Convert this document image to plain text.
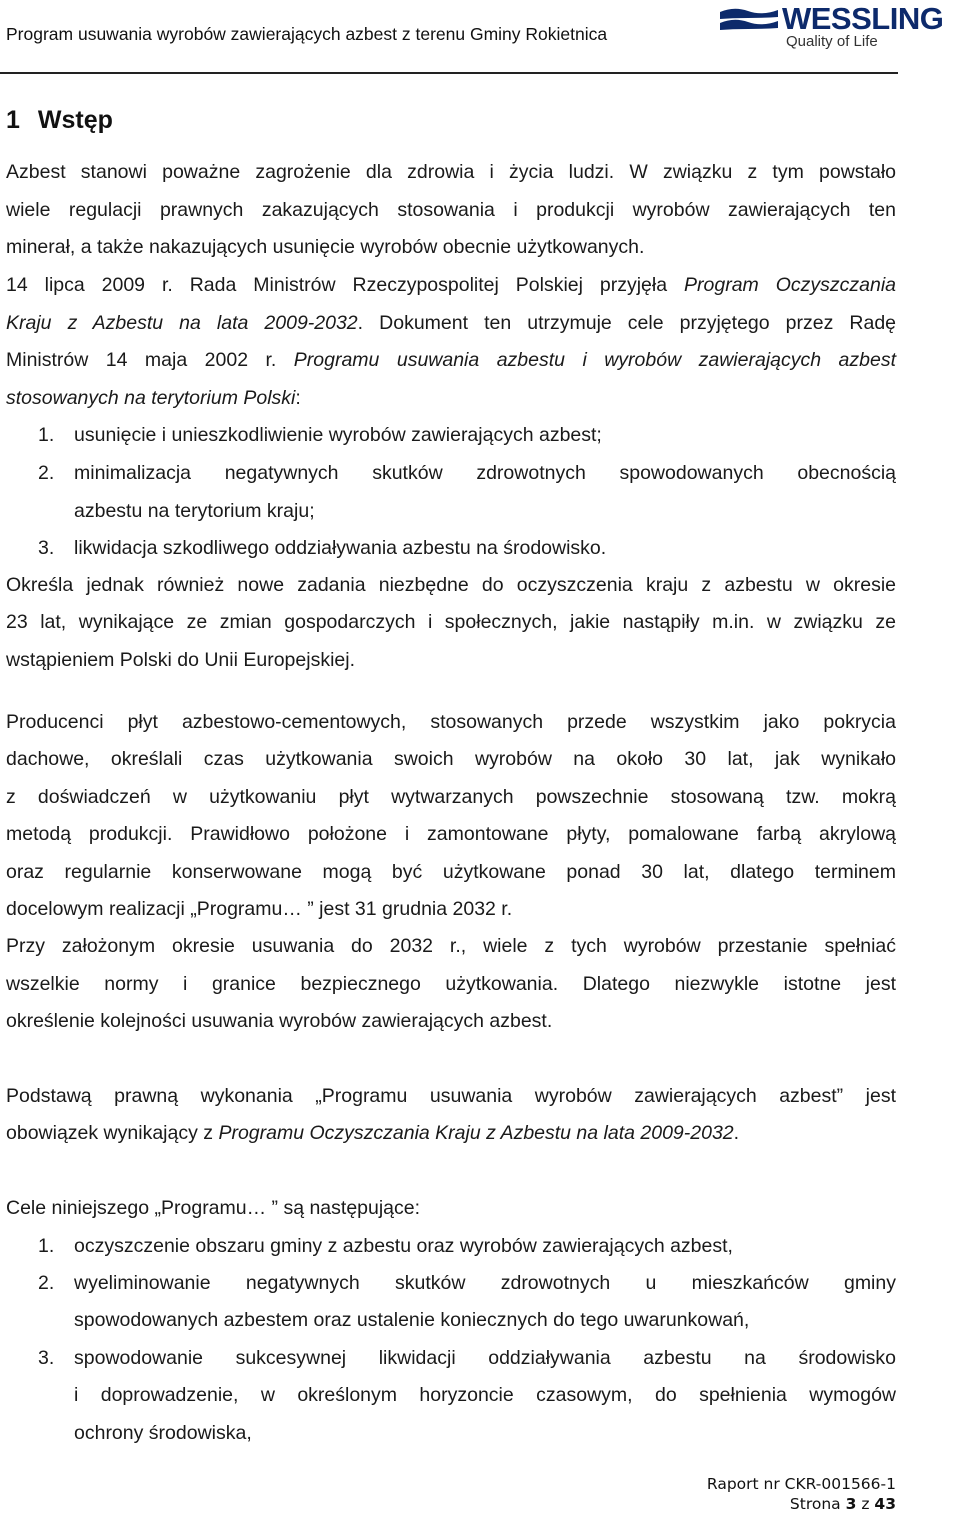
Program usuwania wyrobów zawierających azbest z terenu Gminy Rokietnica	WESSLING
Quality of Life
1 Wstęp
Azbest stanowi poważne zagrożenie dla zdrowia i życia ludzi. W związku z tym powstało
wiele regulacji prawnych zakazujących stosowania i produkcji wyrobów zawierających ten
minerał, a także nakazujących usunięcie wyrobów obecnie użytkowanych.
14 lipca 2009 r. Rada Ministrów Rzeczypospolitej Polskiej przyjęła Program Oczyszczania
Kraju z Azbestu na lata 2009-2032. Dokument ten utrzymuje cele przyjętego przez Radę
Ministrów 14 maja 2002 r. Programu usuwania azbestu i wyrobów zawierających azbest
stosowanych na terytorium Polski:
1. usunięcie i unieszkodliwienie wyrobów zawierających azbest;
2. minimalizacja negatywnych skutków zdrowotnych spowodowanych obecnością
azbestu na terytorium kraju;
3. likwidacja szkodliwego oddziaływania azbestu na środowisko.
Określa jednak również nowe zadania niezbędne do oczyszczenia kraju z azbestu w okresie
23 lat, wynikające ze zmian gospodarczych i społecznych, jakie nastąpiły m.in. w związku ze
wstąpieniem Polski do Unii Europejskiej.
Producenci płyt azbestowo-cementowych, stosowanych przede wszystkim jako pokrycia
dachowe, określali czas użytkowania swoich wyrobów na około 30 lat, jak wynikało
z doświadczeń w użytkowaniu płyt wytwarzanych powszechnie stosowaną tzw. mokrą
metodą produkcji. Prawidłowo położone i zamontowane płyty, pomalowane farbą akrylową
oraz regularnie konserwowane mogą być użytkowane ponad 30 lat, dlatego terminem
docelowym realizacji „Programu… ” jest 31 grudnia 2032 r.
Przy założonym okresie usuwania do 2032 r., wiele z tych wyrobów przestanie spełniać
wszelkie normy i granice bezpiecznego użytkowania. Dlatego niezwykle istotne jest
określenie kolejności usuwania wyrobów zawierających azbest.
Podstawą prawną wykonania „Programu usuwania wyrobów zawierających azbest” jest
obowiązek wynikający z Programu Oczyszczania Kraju z Azbestu na lata 2009-2032.
Cele niniejszego „Programu… ” są następujące:
1. oczyszczenie obszaru gminy z azbestu oraz wyrobów zawierających azbest,
2. wyeliminowanie negatywnych skutków zdrowotnych u mieszkańców gminy
spowodowanych azbestem oraz ustalenie koniecznych do tego uwarunkowań,
3. spowodowanie sukcesywnej likwidacji oddziaływania azbestu na środowisko
i doprowadzenie, w określonym horyzoncie czasowym, do spełnienia wymogów
ochrony środowiska,
Raport nr CKR-001566-1
Strona 3 z 43
